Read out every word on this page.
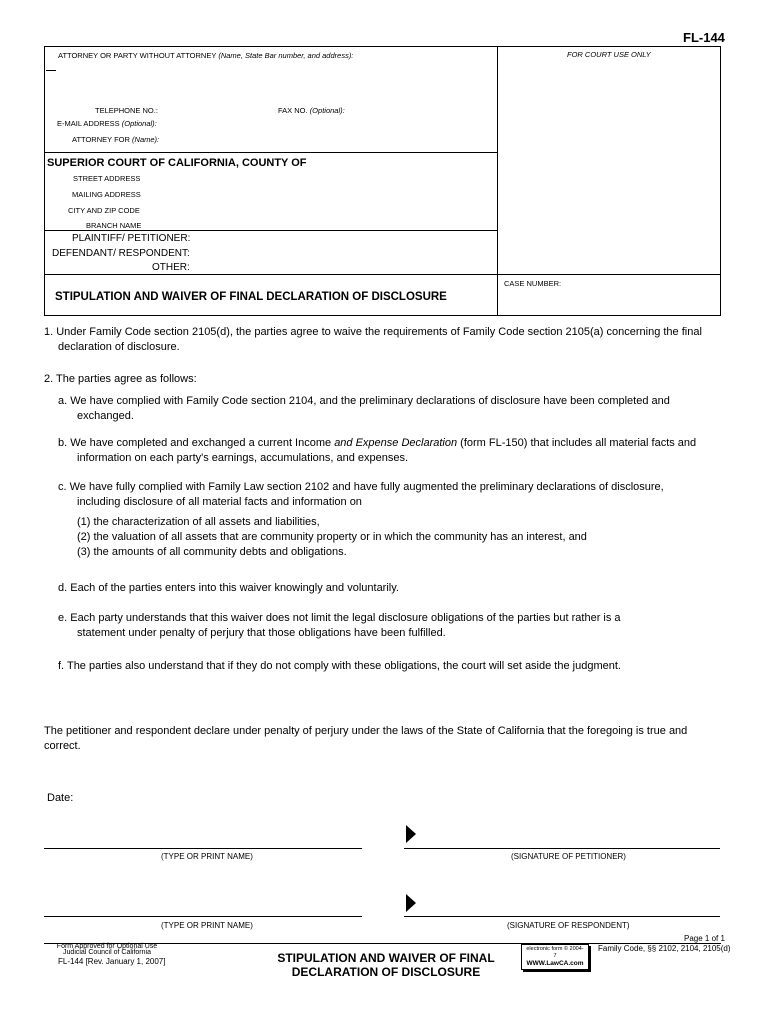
FL-144
ATTORNEY OR PARTY WITHOUT ATTORNEY (Name, State Bar number, and address):	FOR COURT USE ONLY
TELEPHONE NO.:	FAX NO. (Optional):
E-MAIL ADDRESS (Optional):
ATTORNEY FOR (Name):
SUPERIOR COURT OF CALIFORNIA, COUNTY OF
STREET ADDRESS
MAILING ADDRESS
CITY AND ZIP CODE
BRANCH NAME
PLAINTIFF/ PETITIONER:
DEFENDANT/ RESPONDENT:
OTHER:
STIPULATION AND WAIVER OF FINAL DECLARATION OF DISCLOSURE
CASE NUMBER:
1. Under Family Code section 2105(d), the parties agree to waive the requirements of Family Code section 2105(a) concerning the final
declaration of disclosure.
2. The parties agree as follows:
a. We have complied with Family Code section 2104, and the preliminary declarations of disclosure have been completed and
exchanged.
b. We have completed and exchanged a current Income and Expense Declaration (form FL-150) that includes all material facts and
information on each party's earnings, accumulations, and expenses.
c. We have fully complied with Family Law section 2102 and have fully augmented the preliminary declarations of disclosure,
including disclosure of all material facts and information on
(1) the characterization of all assets and liabilities,
(2) the valuation of all assets that are community property or in which the community has an interest, and
(3) the amounts of all community debts and obligations.
d. Each of the parties enters into this waiver knowingly and voluntarily.
e. Each party understands that this waiver does not limit the legal disclosure obligations of the parties but rather is a
statement under penalty of perjury that those obligations have been fulfilled.
f. The parties also understand that if they do not comply with these obligations, the court will set aside the judgment.
The petitioner and respondent declare under penalty of perjury under the laws of the State of California that the foregoing is true and
correct.
Date:
(TYPE OR PRINT NAME)	(SIGNATURE OF PETITIONER)
(TYPE OR PRINT NAME)	(SIGNATURE OF RESPONDENT)
Page 1 of 1
Form Approved for Optional Use
Judicial Council of California
FL-144 [Rev. January 1, 2007]	STIPULATION AND WAIVER OF FINAL
DECLARATION OF DISCLOSURE
electronic form © 2004-
7
WWW.LawCA.com
Family Code, §§ 2102, 2104, 2105(d)
